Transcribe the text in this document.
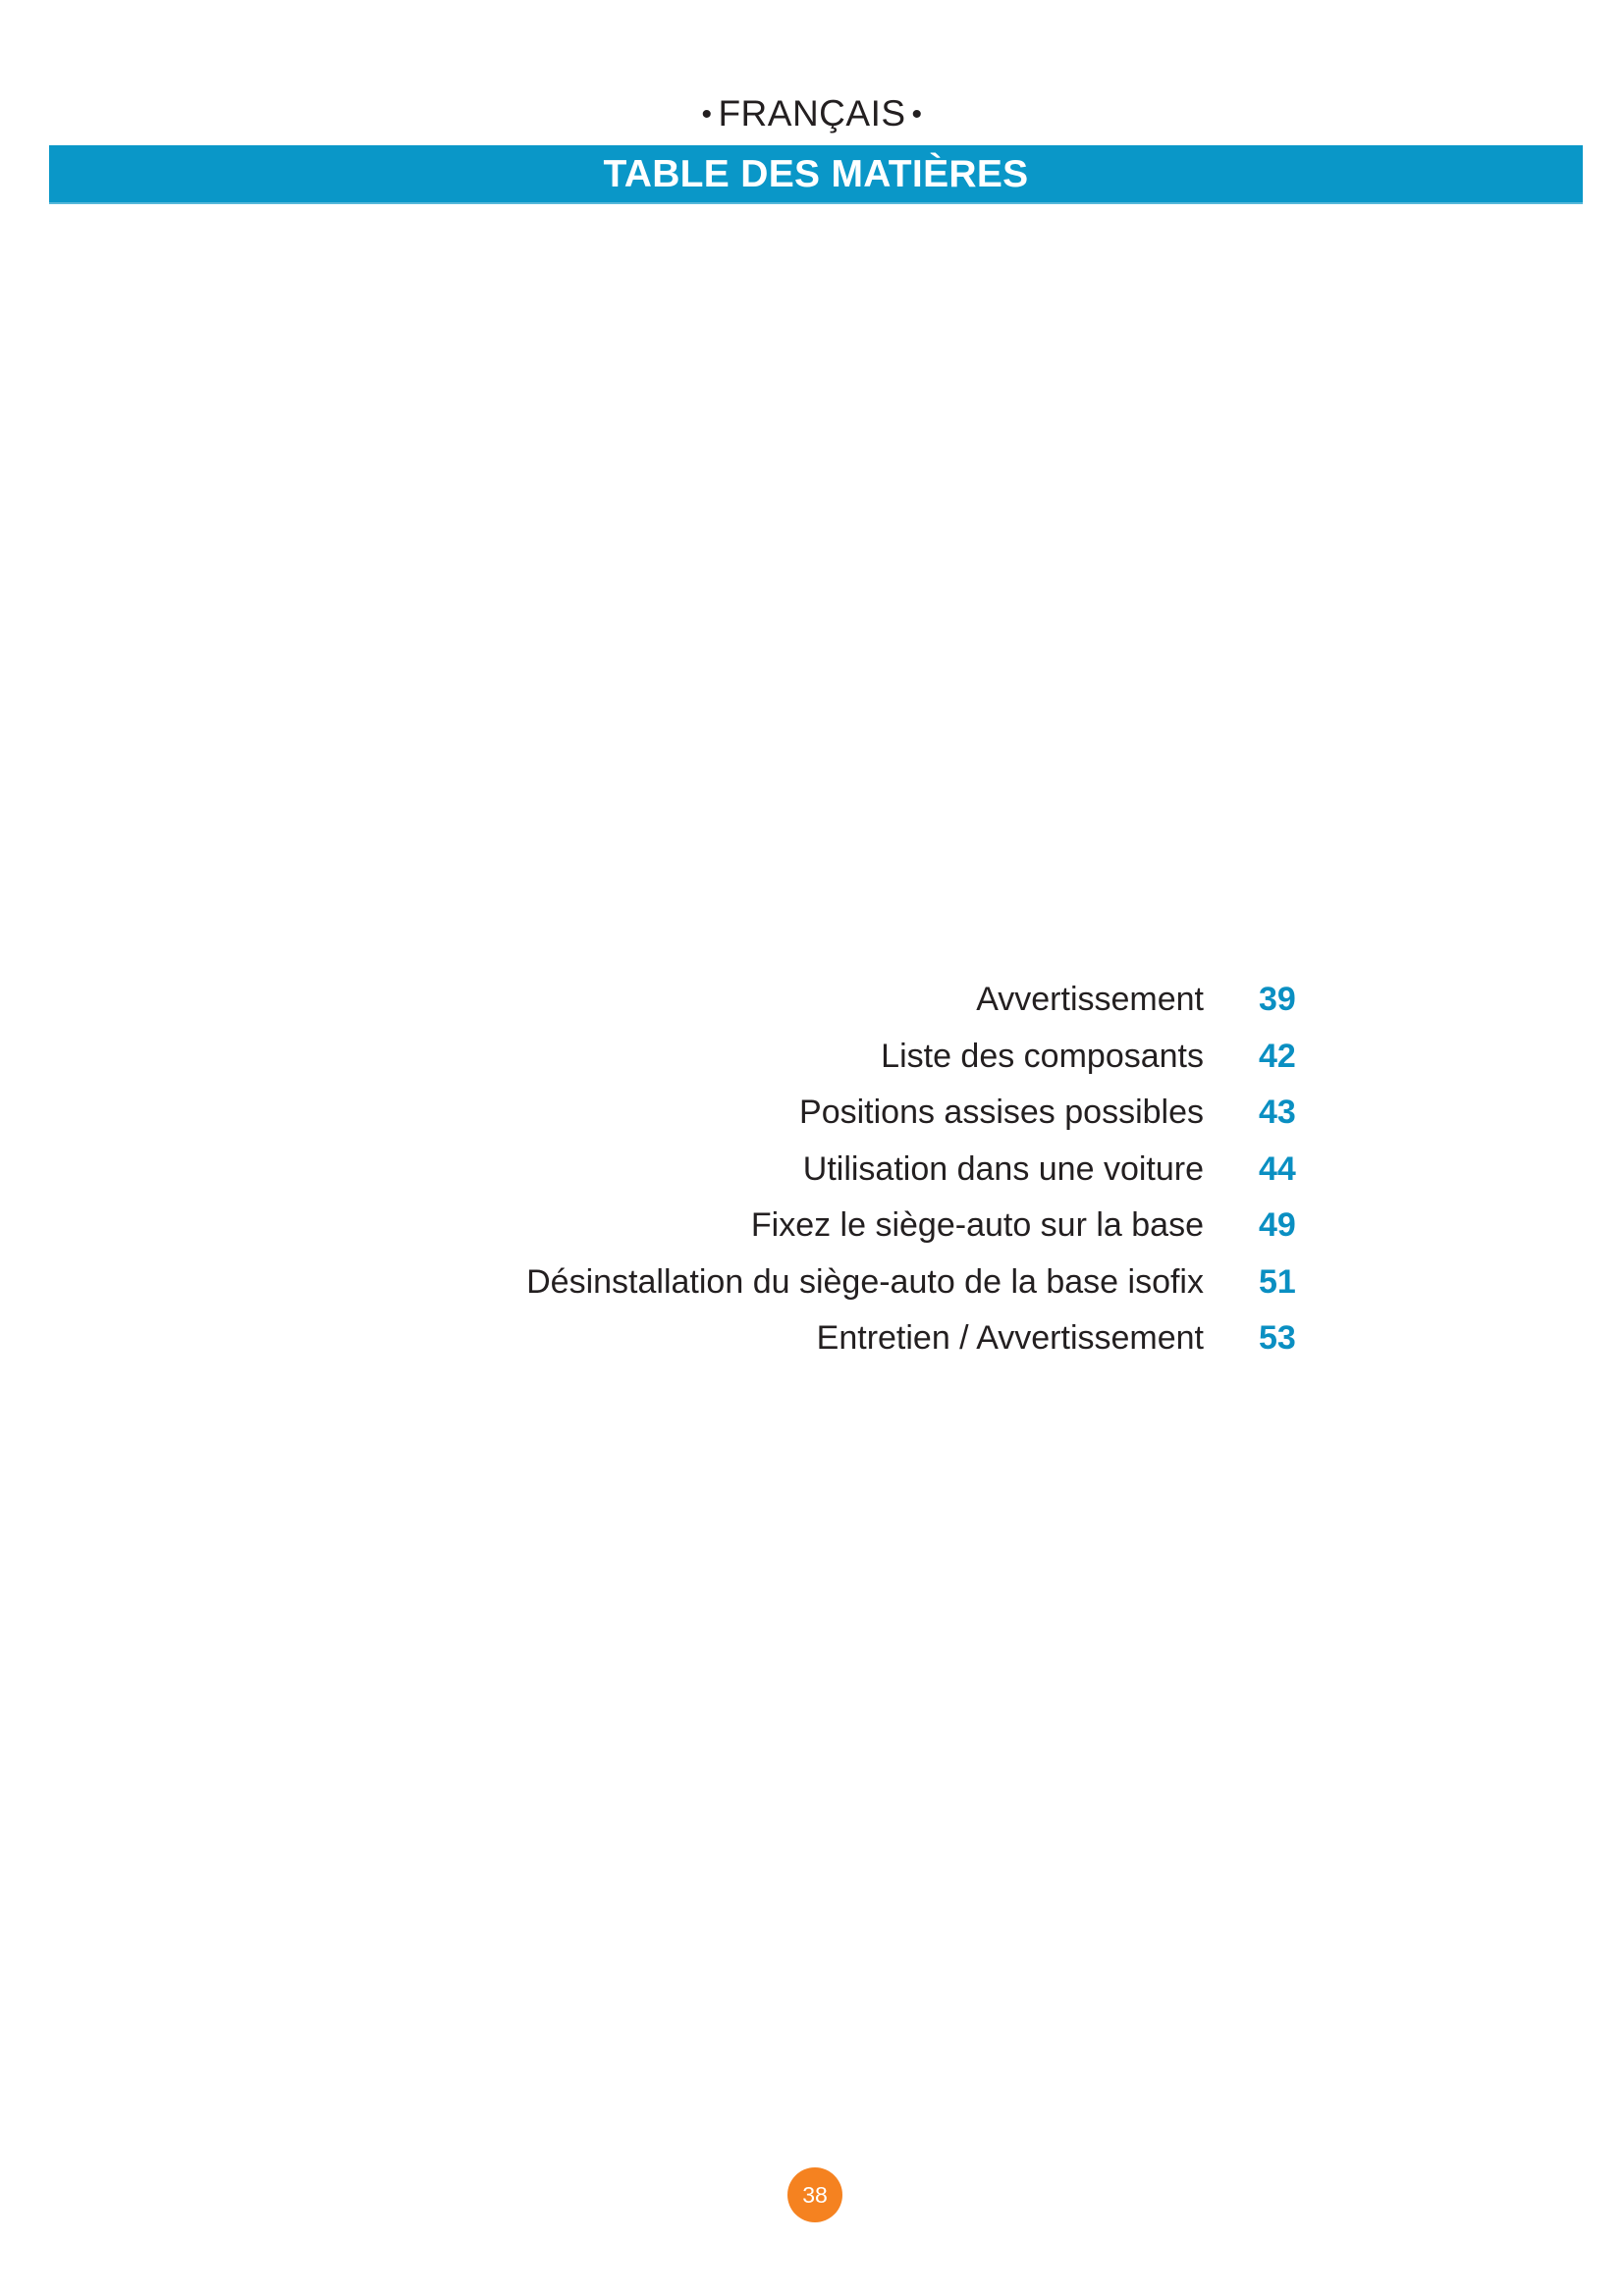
• FRANÇAIS •
TABLE DES MATIÈRES
Avvertissement 39
Liste des composants 42
Positions assises possibles 43
Utilisation dans une voiture 44
Fixez le siège-auto sur la base 49
Désinstallation du siège-auto de la base isofix 51
Entretien / Avvertissement 53
38
